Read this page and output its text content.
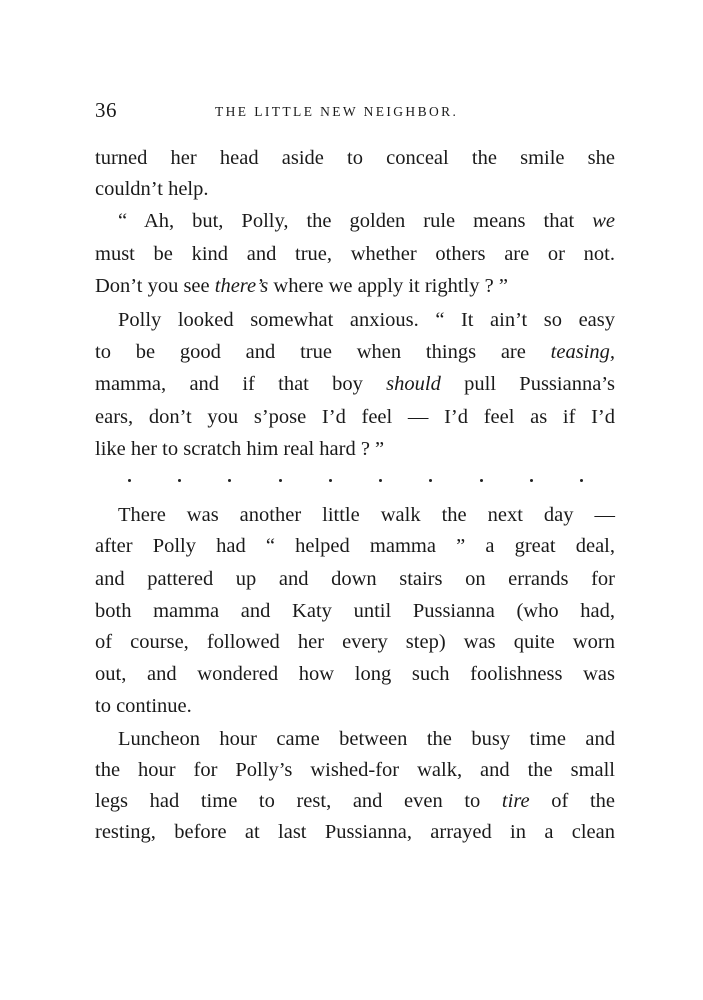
36	THE LITTLE NEW NEIGHBOR.
turned her head aside to conceal the smile she
couldn’t help.
“ Ah, but, Polly, the golden rule means that we
must be kind and true, whether others are or not.
Don’t you see there’s where we apply it rightly ? ”
Polly looked somewhat anxious. “ It ain’t so easy
to be good and true when things are teasing,
mamma, and if that boy should pull Pussianna’s
ears, don’t you s’pose I’d feel — I’d feel as if I’d
like her to scratch him real hard ? ”
There was another little walk the next day —
after Polly had “ helped mamma ” a great deal,
and pattered up and down stairs on errands for
both mamma and Katy until Pussianna (who had,
of course, followed her every step) was quite worn
out, and wondered how long such foolishness was
to continue.
Luncheon hour came between the busy time and
the hour for Polly’s wished-for walk, and the small
legs had time to rest, and even to tire of the
resting, before at last Pussianna, arrayed in a clean
